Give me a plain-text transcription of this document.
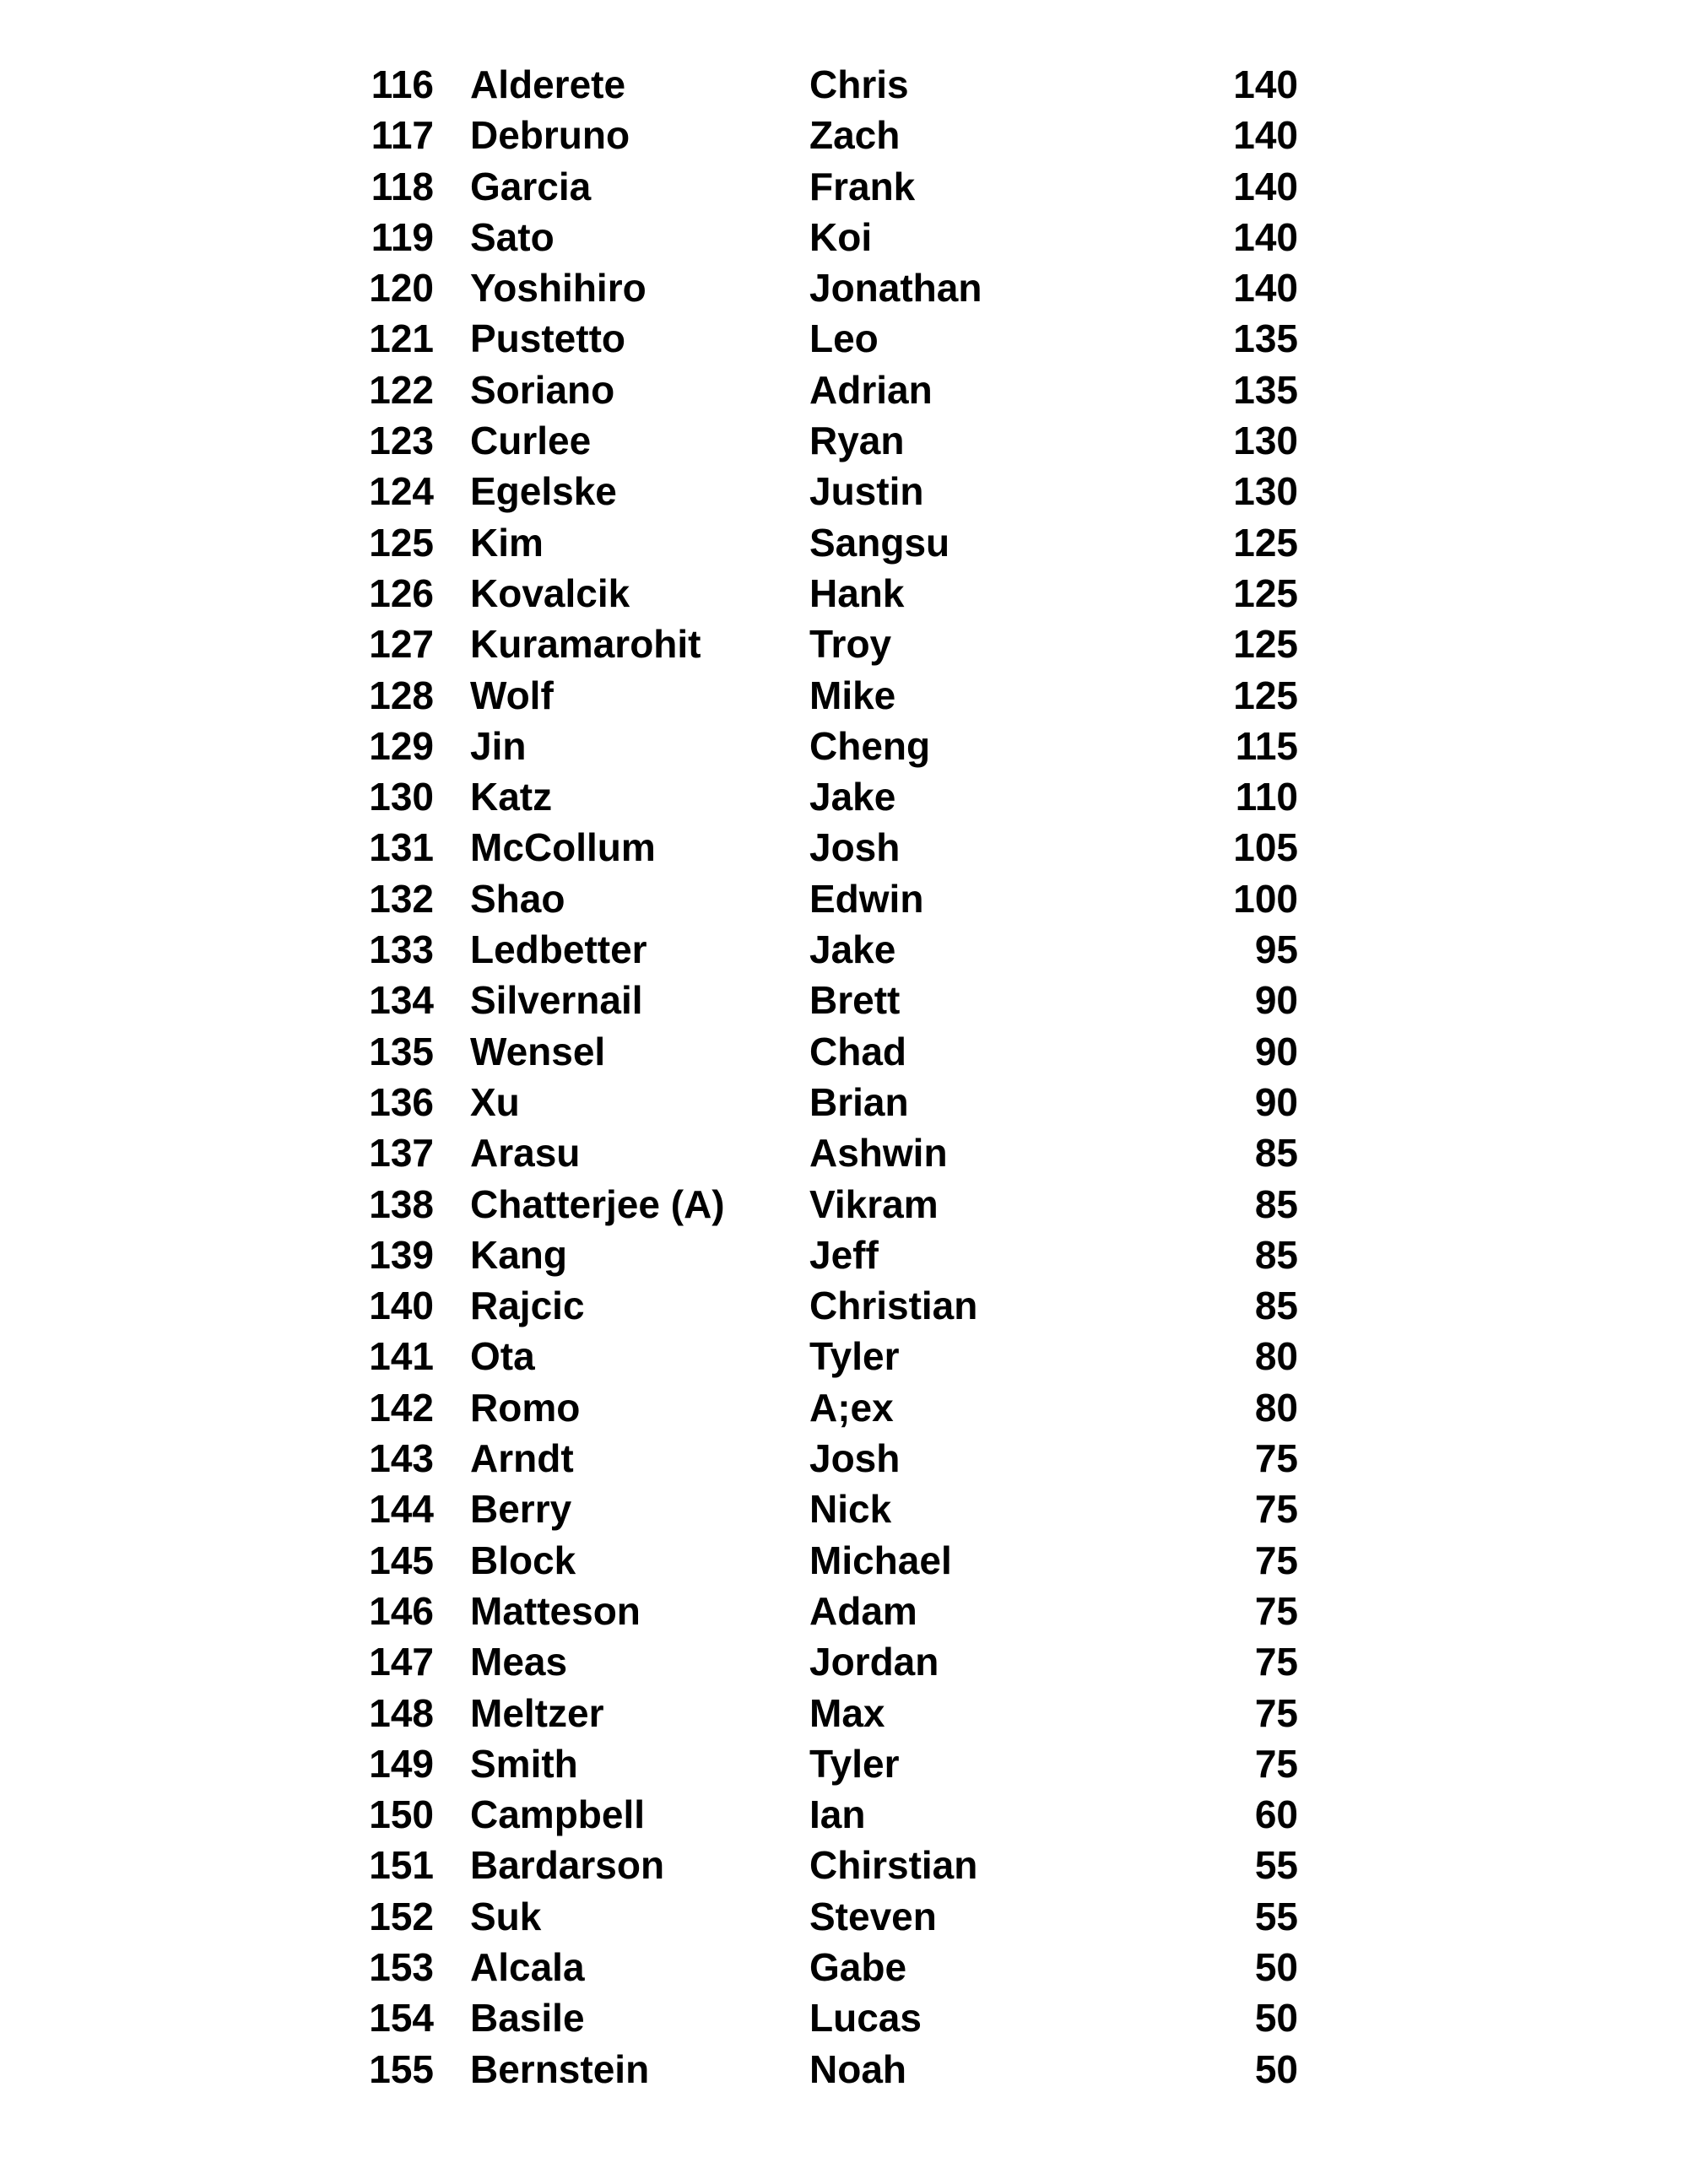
116 Alderete	Chris	140
117 Debruno	Zach	140
118 Garcia	Frank	140
119 Sato	Koi	140
120 Yoshihiro	Jonathan	140
121 Pustetto	Leo	135
122 Soriano	Adrian	135
123 Curlee	Ryan	130
124 Egelske	Justin	130
125 Kim	Sangsu	125
126 Kovalcik	Hank	125
127 Kuramarohit	Troy	125
128 Wolf	Mike	125
129 Jin	Cheng	115
130 Katz	Jake	110
131 McCollum	Josh	105
132 Shao	Edwin	100
133 Ledbetter	Jake	95
134 Silvernail	Brett	90
135 Wensel	Chad	90
136 Xu	Brian	90
137 Arasu	Ashwin	85
138 Chatterjee (A)	Vikram	85
139 Kang	Jeff	85
140 Rajcic	Christian	85
141 Ota	Tyler	80
142 Romo	A;ex	80
143 Arndt	Josh	75
144 Berry	Nick	75
145 Block	Michael	75
146 Matteson	Adam	75
147 Meas	Jordan	75
148 Meltzer	Max	75
149 Smith	Tyler	75
150 Campbell	Ian	60
151 Bardarson	Chirstian	55
152 Suk	Steven	55
153 Alcala	Gabe	50
154 Basile	Lucas	50
155 Bernstein	Noah	50
